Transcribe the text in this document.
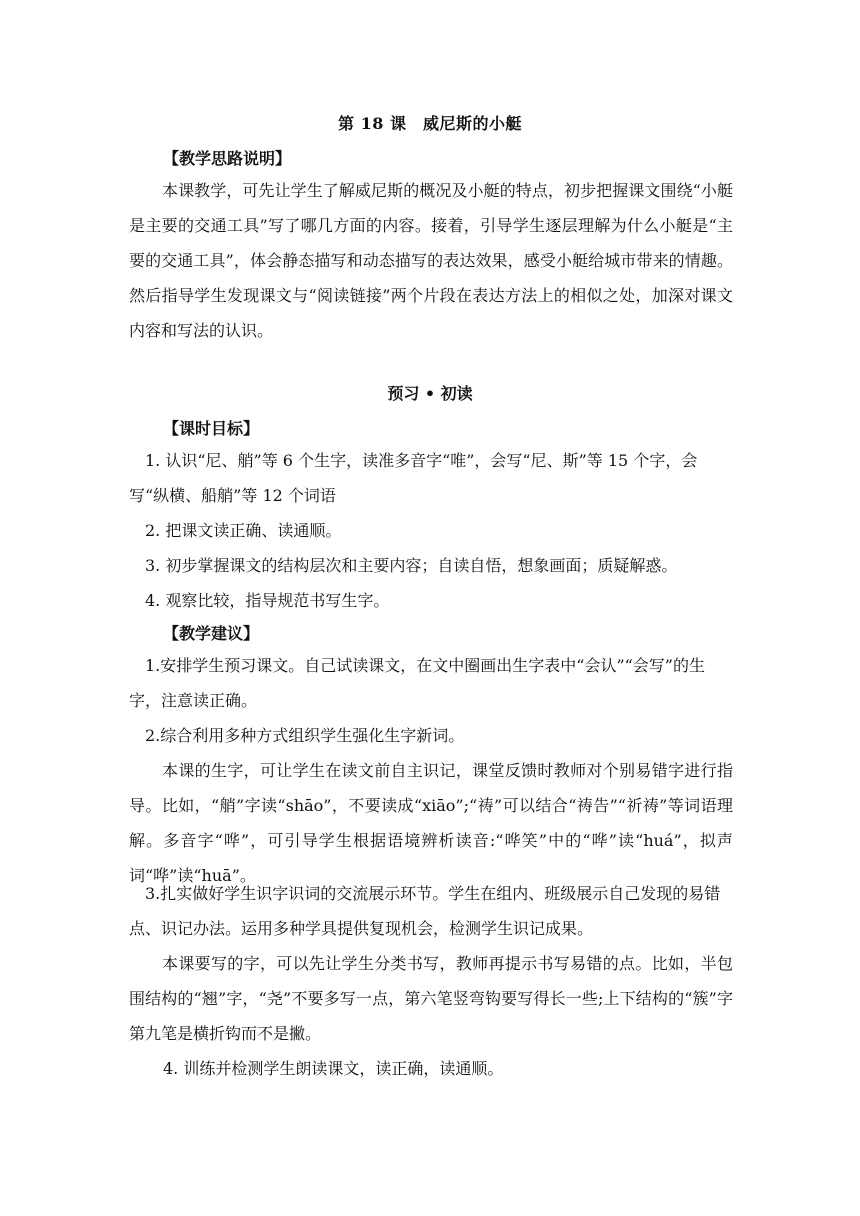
第 18 课　威尼斯的小艇
【教学思路说明】
本课教学，可先让学生了解威尼斯的概况及小艇的特点，初步把握课文围绕“小艇是主要的交通工具”写了哪几方面的内容。接着，引导学生逐层理解为什么小艇是“主要的交通工具”，体会静态描写和动态描写的表达效果，感受小艇给城市带来的情趣。然后指导学生发现课文与“阅读链接”两个片段在表达方法上的相似之处，加深对课文内容和写法的认识。
预习 • 初读
【课时目标】
1. 认识“尼、艄”等 6 个生字，读准多音字“唯”，会写“尼、斯”等 15 个字，会写“纵横、船艄”等 12 个词语
2. 把课文读正确、读通顺。
3. 初步掌握课文的结构层次和主要内容；自读自悟，想象画面；质疑解惑。
4. 观察比较，指导规范书写生字。
【教学建议】
1.安排学生预习课文。自己试读课文，在文中圈画出生字表中“会认”“会写”的生字，注意读正确。
2.综合利用多种方式组织学生强化生字新词。
本课的生字，可让学生在读文前自主识记，课堂反馈时教师对个别易错字进行指导。比如，“艄”字读“shāo”，不要读成“xiāo”;“祷”可以结合“祷告”“祈祷”等词语理解。多音字“哗”，可引导学生根据语境辨析读音:“哗笑”中的“哗”读“huá”，拟声词“哗”读“huā”。
3.扎实做好学生识字识词的交流展示环节。学生在组内、班级展示自己发现的易错点、识记办法。运用多种学具提供复现机会，检测学生识记成果。
本课要写的字，可以先让学生分类书写，教师再提示书写易错的点。比如，半包围结构的“翘”字，“尧”不要多写一点，第六笔竖弯钩要写得长一些;上下结构的“簇”字第九笔是横折钩而不是撇。
4. 训练并检测学生朗读课文，读正确，读通顺。
